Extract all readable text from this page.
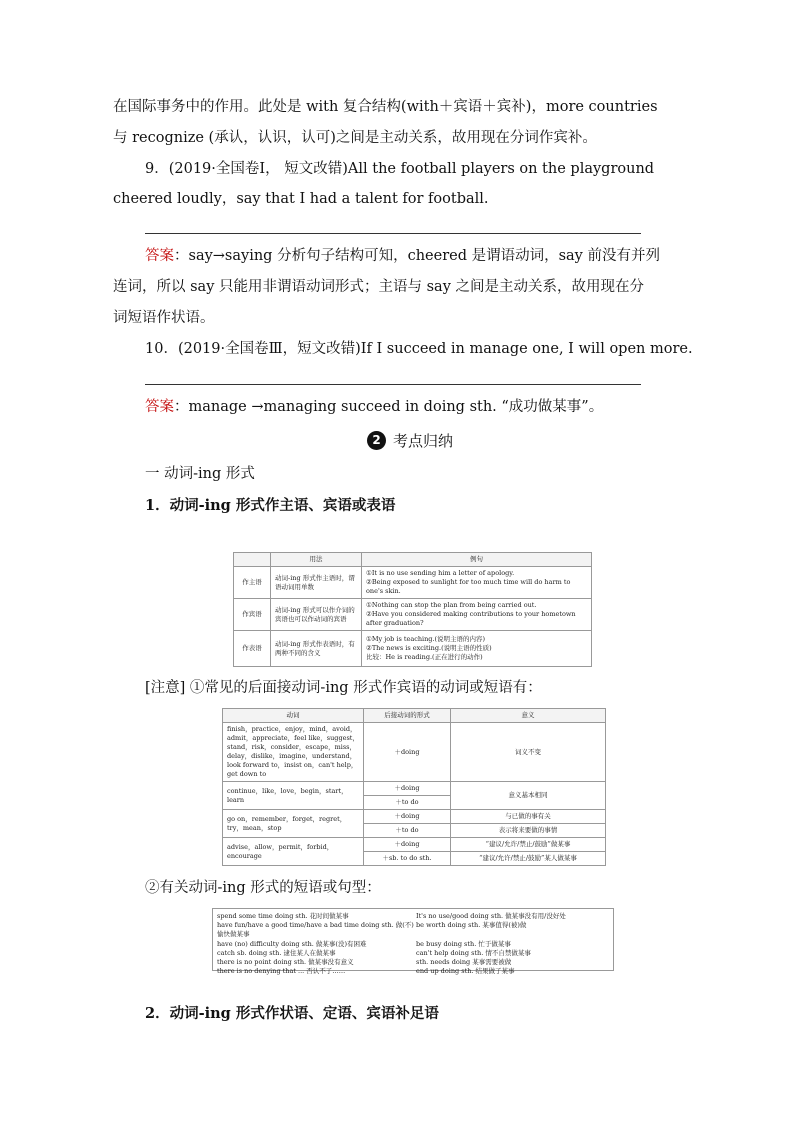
在国际事务中的作用。此处是 with 复合结构(with＋宾语＋宾补)，more countries
与 recognize (承认，认识，认可)之间是主动关系，故用现在分词作宾补。
9．(2019·全国卷Ⅰ， 短文改错)All the football players on the playground
cheered loudly，say that I had a talent for football.
答案：say→saying 分析句子结构可知，cheered 是谓语动词，say 前没有并列
连词，所以 say 只能用非谓语动词形式；主语与 say 之间是主动关系，故用现在分
词短语作状语。
10．(2019·全国卷Ⅲ，短文改错)If I succeed in manage one, I will open more.
答案：manage →managing succeed in doing sth. “成功做某事”。
2 考点归纳
一 动词-ing 形式
1．动词-ing 形式作主语、宾语或表语
	用法	例句
作主语	动词-ing 形式作主语时，谓语动词用单数	①It is no use sending him a letter of apology.
②Being exposed to sunlight for too much time will do harm to one's skin.

作宾语	动词-ing 形式可以作介词的宾语也可以作动词的宾语	①Nothing can stop the plan from being carried out.
②Have you considered making contributions to your hometown after graduation?

作表语	动词-ing 形式作表语时，有两种不同的含义	①My job is teaching.(说明主语的内容)
②The news is exciting.(说明主语的性质)
比较：He is reading.(正在进行的动作)
[注意] ①常见的后面接动词-ing 形式作宾语的动词或短语有：
动词	后接动词的形式	意义
finish，practice，enjoy，mind，avoid，admit，appreciate，feel like，suggest，stand，risk，consider，escape，miss，delay，dislike，imagine，understand，look forward to，insist on，can't help，get down to	＋doing	词义不变
continue，like，love，begin，start，learn	＋doing	意义基本相同
	＋to do	
go on，remember，forget，regret，try，mean，stop	＋doing	与已做的事有关
	＋to do	表示将来要做的事情
advise，allow，permit，forbid，encourage	＋doing	“建议/允许/禁止/鼓励”做某事
	＋sb. to do sth.	“建议/允许/禁止/鼓励”某人做某事
②有关动词-ing 形式的短语或句型：
spend some time doing sth. 花时间做某事
have fun/have a good time/have a bad time doing sth. 做(不)
愉快做某事
have (no) difficulty doing sth. 做某事(没)有困难
catch sb. doing sth. 逮住某人在做某事
there is no point doing sth. 做某事没有意义
there is no denying that ... 否认不了……
It's no use/good doing sth. 做某事没有用/没好处
be worth doing sth. 某事值得(被)做
be busy doing sth. 忙于做某事
can't help doing sth. 情不自禁做某事
sth. needs doing 某事需要被做
end up doing sth. 结果做了某事
2．动词-ing 形式作状语、定语、宾语补足语
